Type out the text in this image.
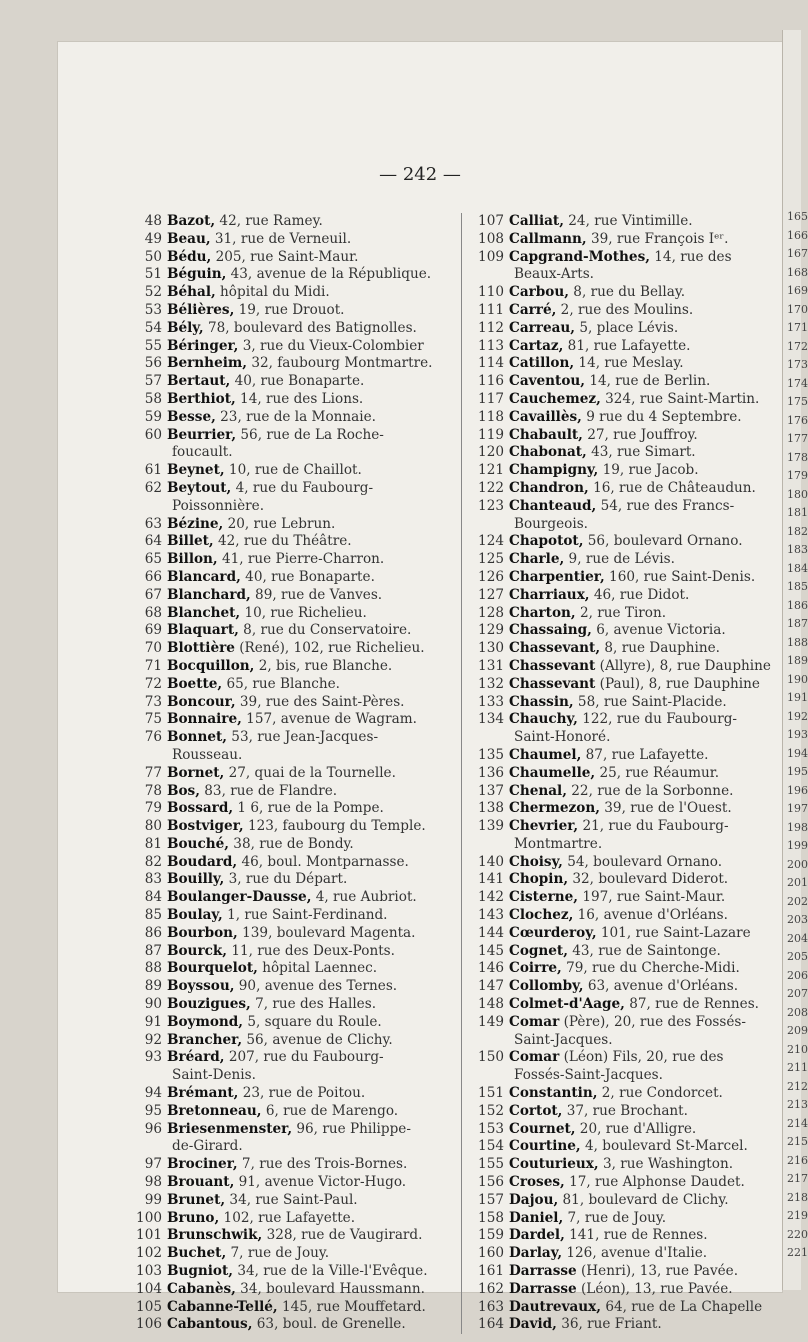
— 242 —
48 Bazot, 42, rue Ramey.
49 Beau, 31, rue de Verneuil.
50 Bédu, 205, rue Saint-Maur.
51 Béguin, 43, avenue de la République.
52 Béhal, hôpital du Midi.
53 Bélières, 19, rue Drouot.
54 Bély, 78, boulevard des Batignolles.
55 Béringer, 3, rue du Vieux-Colombier
56 Bernheim, 32, faubourg Montmartre.
57 Bertaut, 40, rue Bonaparte.
58 Berthiot, 14, rue des Lions.
59 Besse, 23, rue de la Monnaie.
60 Beurrier, 56, rue de La Roche-
foucault.
61 Beynet, 10, rue de Chaillot.
62 Beytout, 4, rue du Faubourg-
Poissonnière.
63 Bézine, 20, rue Lebrun.
64 Billet, 42, rue du Théâtre.
65 Billon, 41, rue Pierre-Charron.
66 Blancard, 40, rue Bonaparte.
67 Blanchard, 89, rue de Vanves.
68 Blanchet, 10, rue Richelieu.
69 Blaquart, 8, rue du Conservatoire.
70 Blottière (René), 102, rue Richelieu.
71 Bocquillon, 2, bis, rue Blanche.
72 Boette, 65, rue Blanche.
73 Boncour, 39, rue des Saint-Pères.
75 Bonnaire, 157, avenue de Wagram.
76 Bonnet, 53, rue Jean-Jacques-
Rousseau.
77 Bornet, 27, quai de la Tournelle.
78 Bos, 83, rue de Flandre.
79 Bossard, 1 6, rue de la Pompe.
80 Bostviger, 123, faubourg du Temple.
81 Bouché, 38, rue de Bondy.
82 Boudard, 46, boul. Montparnasse.
83 Bouilly, 3, rue du Départ.
84 Boulanger-Dausse, 4, rue Aubriot.
85 Boulay, 1, rue Saint-Ferdinand.
86 Bourbon, 139, boulevard Magenta.
87 Bourck, 11, rue des Deux-Ponts.
88 Bourquelot, hôpital Laennec.
89 Boyssou, 90, avenue des Ternes.
90 Bouzigues, 7, rue des Halles.
91 Boymond, 5, square du Roule.
92 Brancher, 56, avenue de Clichy.
93 Bréard, 207, rue du Faubourg-
Saint-Denis.
94 Brémant, 23, rue de Poitou.
95 Bretonneau, 6, rue de Marengo.
96 Briesenmenster, 96, rue Philippe-
de-Girard.
97 Brociner, 7, rue des Trois-Bornes.
98 Brouant, 91, avenue Victor-Hugo.
99 Brunet, 34, rue Saint-Paul.
100 Bruno, 102, rue Lafayette.
101 Brunschwik, 328, rue de Vaugirard.
102 Buchet, 7, rue de Jouy.
103 Bugniot, 34, rue de la Ville-l'Evêque.
104 Cabanès, 34, boulevard Haussmann.
105 Cabanne-Tellé, 145, rue Mouffetard.
106 Cabantous, 63, boul. de Grenelle.
107 Calliat, 24, rue Vintimille.
108 Callmann, 39, rue François Iᵉʳ.
109 Capgrand-Mothes, 14, rue des
Beaux-Arts.
110 Carbou, 8, rue du Bellay.
111 Carré, 2, rue des Moulins.
112 Carreau, 5, place Lévis.
113 Cartaz, 81, rue Lafayette.
114 Catillon, 14, rue Meslay.
116 Caventou, 14, rue de Berlin.
117 Cauchemez, 324, rue Saint-Martin.
118 Cavaillès, 9 rue du 4 Septembre.
119 Chabault, 27, rue Jouffroy.
120 Chabonat, 43, rue Simart.
121 Champigny, 19, rue Jacob.
122 Chandron, 16, rue de Châteaudun.
123 Chanteaud, 54, rue des Francs-
Bourgeois.
124 Chapotot, 56, boulevard Ornano.
125 Charle, 9, rue de Lévis.
126 Charpentier, 160, rue Saint-Denis.
127 Charriaux, 46, rue Didot.
128 Charton, 2, rue Tiron.
129 Chassaing, 6, avenue Victoria.
130 Chassevant, 8, rue Dauphine.
131 Chassevant (Allyre), 8, rue Dauphine
132 Chassevant (Paul), 8, rue Dauphine
133 Chassin, 58, rue Saint-Placide.
134 Chauchy, 122, rue du Faubourg-
Saint-Honoré.
135 Chaumel, 87, rue Lafayette.
136 Chaumelle, 25, rue Réaumur.
137 Chenal, 22, rue de la Sorbonne.
138 Chermezon, 39, rue de l'Ouest.
139 Chevrier, 21, rue du Faubourg-
Montmartre.
140 Choisy, 54, boulevard Ornano.
141 Chopin, 32, boulevard Diderot.
142 Cisterne, 197, rue Saint-Maur.
143 Clochez, 16, avenue d'Orléans.
144 Cœurderoy, 101, rue Saint-Lazare
145 Cognet, 43, rue de Saintonge.
146 Coirre, 79, rue du Cherche-Midi.
147 Collomby, 63, avenue d'Orléans.
148 Colmet-d'Aage, 87, rue de Rennes.
149 Comar (Père), 20, rue des Fossés-
Saint-Jacques.
150 Comar (Léon) Fils, 20, rue des
Fossés-Saint-Jacques.
151 Constantin, 2, rue Condorcet.
152 Cortot, 37, rue Brochant.
153 Cournet, 20, rue d'Alligre.
154 Courtine, 4, boulevard St-Marcel.
155 Couturieux, 3, rue Washington.
156 Croses, 17, rue Alphonse Daudet.
157 Dajou, 81, boulevard de Clichy.
158 Daniel, 7, rue de Jouy.
159 Dardel, 141, rue de Rennes.
160 Darlay, 126, avenue d'Italie.
161 Darrasse (Henri), 13, rue Pavée.
162 Darrasse (Léon), 13, rue Pavée.
163 Dautrevaux, 64, rue de La Chapelle
164 David, 36, rue Friant.
165
166
167
168
169
170
171
172
173
174
175
176
177
178
179
180
181
182
183
184
185
186
187
188
189
190
191
192
193
194
195
196
197
198
199
200
201
202
203
204
205
206
207
208
209
210
211
212
213
214
215
216
217
218
219
220
221
